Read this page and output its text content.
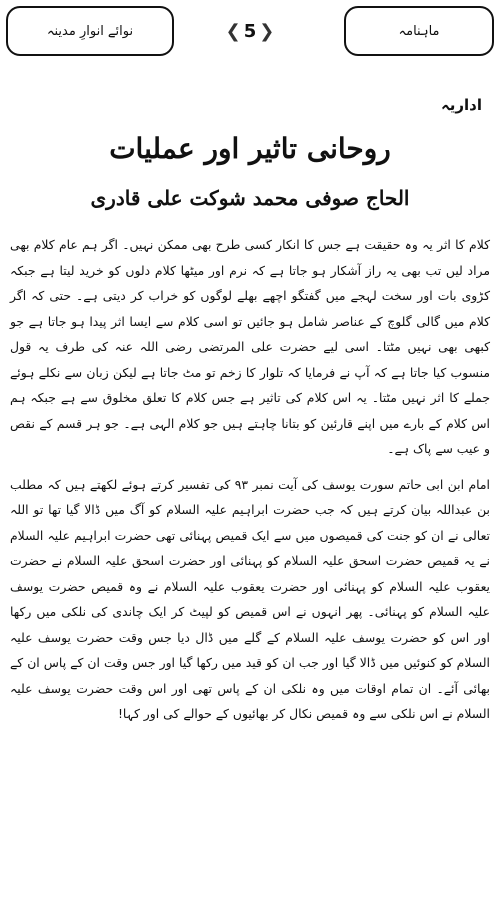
نوائے انوارِ مدینہ	❮ 5 ❯	ماہنامہ
اداریہ
روحانی تاثیر اور عملیات
الحاج صوفی محمد شوکت علی قادری

کلام کا اثر یہ وہ حقیقت ہے جس کا انکار کسی طرح بھی ممکن نہیں۔ اگر ہم عام کلام بھی مراد لیں تب بھی یہ راز آشکار ہو جاتا ہے کہ نرم اور میٹھا کلام دلوں کو خرید لیتا ہے جبکہ کڑوی بات اور سخت لہجے میں گفتگو اچھے بھلے لوگوں کو خراب کر دیتی ہے۔ حتی کہ اگر کلام میں گالی گلوچ کے عناصر شامل ہو جائیں تو اسی کلام سے ایسا اثر پیدا ہو جاتا ہے جو کبھی بھی نہیں مٹتا۔ اسی لیے حضرت علی المرتضی رضی اللہ عنہ کی طرف یہ قول منسوب کیا جاتا ہے کہ آپ نے فرمایا کہ تلوار کا زخم تو مٹ جاتا ہے لیکن زبان سے نکلے ہوئے جملے کا اثر نہیں مٹتا۔ یہ اس کلام کی تاثیر ہے جس کلام کا تعلق مخلوق سے ہے جبکہ ہم اس کلام کے بارے میں اپنے قارئین کو بتانا چاہتے ہیں جو کلام الہی ہے۔ جو ہر قسم کے نقص و عیب سے پاک ہے۔

امام ابن ابی حاتم سورت یوسف کی آیت نمبر ۹۳ کی تفسیر کرتے ہوئے لکھتے ہیں کہ مطلب بن عبداللہ بیان کرتے ہیں کہ جب حضرت ابراہیم علیہ السلام کو آگ میں ڈالا گیا تھا تو اللہ تعالی نے ان کو جنت کی قمیصوں میں سے ایک قمیص پہنائی تھی حضرت ابراہیم علیہ السلام نے یہ قمیص حضرت اسحق علیہ السلام کو پہنائی اور حضرت اسحق علیہ السلام نے حضرت یعقوب علیہ السلام کو پہنائی اور حضرت یعقوب علیہ السلام نے وہ قمیص حضرت یوسف علیہ السلام کو پہنائی۔ پھر انہوں نے اس قمیص کو لپیٹ کر ایک چاندی کی نلکی میں رکھا اور اس کو حضرت یوسف علیہ السلام کے گلے میں ڈال دیا جس وقت حضرت یوسف علیہ السلام کو کنوئیں میں ڈالا گیا اور جب ان کو قید میں رکھا گیا اور جس وقت ان کے پاس ان کے بھائی آئے۔ ان تمام اوقات میں وہ نلکی ان کے پاس تھی اور اس وقت حضرت یوسف علیہ السلام نے اس نلکی سے وہ قمیص نکال کر بھائیوں کے حوالے کی اور کہا!
